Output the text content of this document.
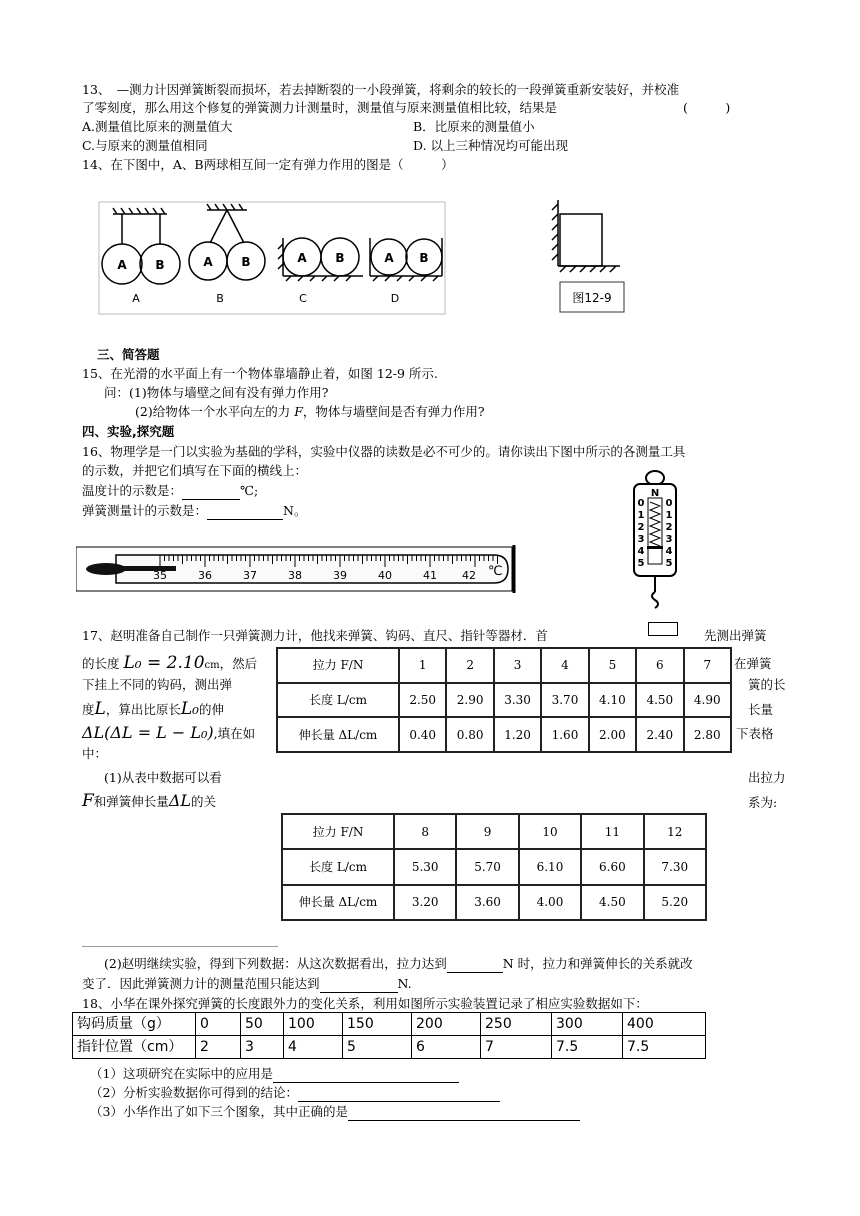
13、　—测力计因弹簧断裂而损坏，若去掉断裂的一小段弹簧，将剩余的较长的一段弹簧重新安装好，并校准
了零刻度，那么用这个修复的弹簧测力计测量时，测量值与原来测量值相比较，结果是	(　　　)
A.测量值比原来的测量值大	B．比原来的测量值小
C.与原来的测量值相同	D. 以上三种情况均可能出现
14、在下图中，A、B两球相互间一定有弹力作用的图是（　　　）
A B	A B	A B	A B
A	B	C	D	图12-9
三、简答题
15、在光滑的水平面上有一个物体靠墙静止着，如图 12-9 所示.
问：(1)物体与墙壁之间有没有弹力作用?
(2)给物体一个水平向左的力 F，物体与墙壁间是否有弹力作用?
四、实验,探究题
16、物理学是一门以实验为基础的学科，实验中仪器的读数是必不可少的。请你读出下图中所示的各测量工具
的示数，并把它们填写在下面的横线上：
温度计的示数是：	℃;
弹簧测量计的示数是：	N。
35	36	37	38	39	40	41 42 ℃
N
0
1
2
3
4
5
0
1
2
3
4
5
17、赵明准备自己制作一只弹簧测力计，他找来弹簧、钩码、直尺、指针等器材．首	先测出弹簧
的长度 L₀ = 2.10cm，然后	在弹簧
下挂上不同的钩码，测出弹	簧的长
度L，算出比原长L₀的伸	长量
ΔL(ΔL = L − L₀),填在如	下表格
中：
(1)从表中数据可以看	出拉力
F和弹簧伸长量ΔL的关	系为:
拉力 F/N	1	2	3	4	5	6	7
长度 L/cm	2.50	2.90	3.30	3.70	4.10	4.50	4.90
伸长量 ΔL/cm	0.40	0.80	1.20	1.60	2.00	2.40	2.80
拉力 F/N	8	9	10	11	12
长度 L/cm	5.30	5.70	6.10	6.60	7.30
伸长量 ΔL/cm	3.20	3.60	4.00	4.50	5.20
(2)赵明继续实验，得到下列数据：从这次数据看出，拉力达到	N 时，拉力和弹簧伸长的关系就改
变了．因此弹簧测力计的测量范围只能达到	N.
18、小华在课外探究弹簧的长度跟外力的变化关系，利用如图所示实验装置记录了相应实验数据如下：
钩码质量（g）	0	50	100	150	200	250	300	400
指针位置（cm）	2	3	4	5	6	7	7.5	7.5
（1）这项研究在实际中的应用是
（2）分析实验数据你可得到的结论：
（3）小华作出了如下三个图象，其中正确的是
